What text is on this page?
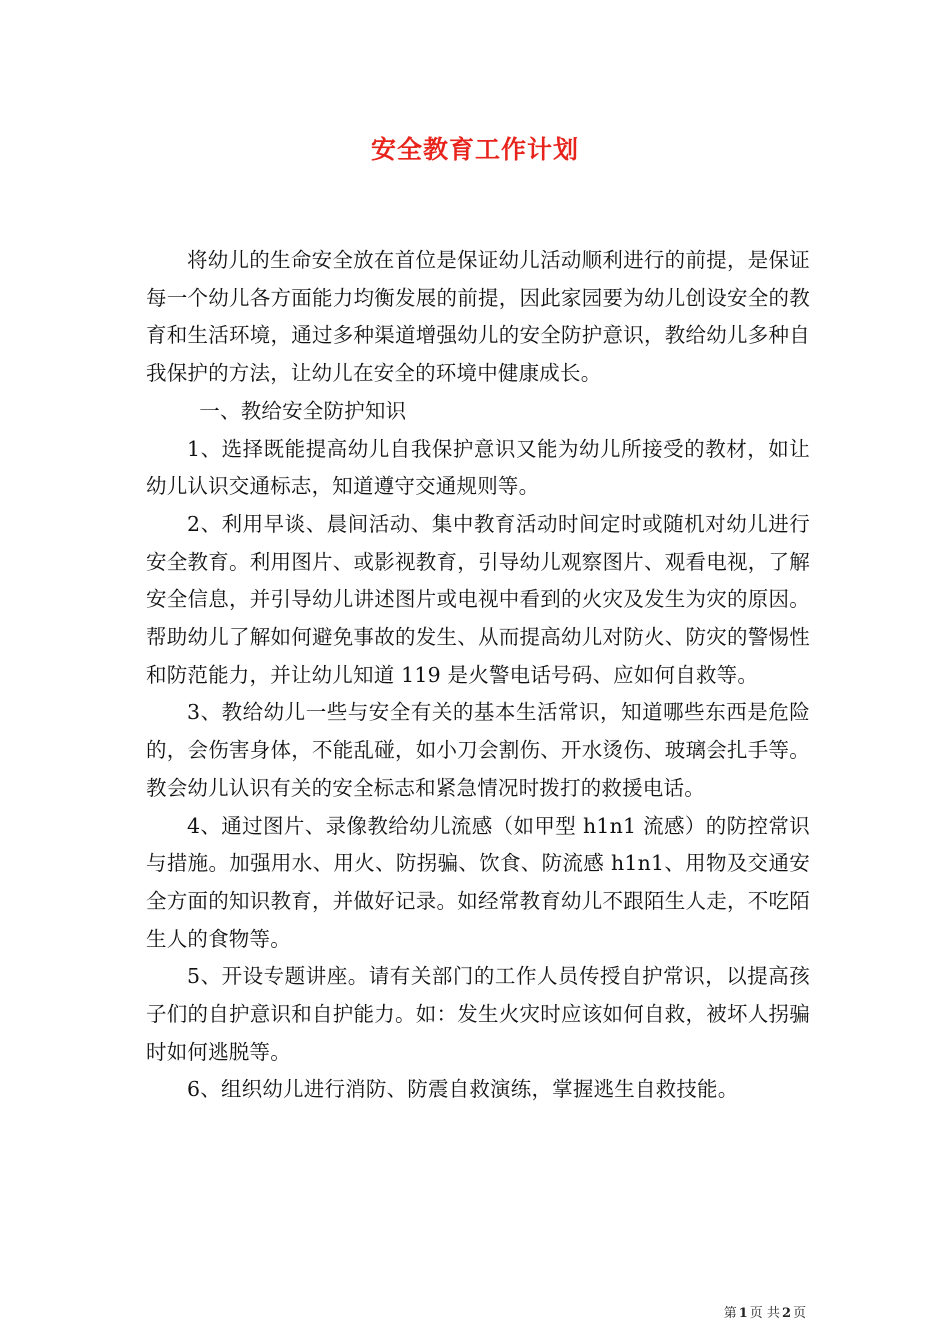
安全教育工作计划

将幼儿的生命安全放在首位是保证幼儿活动顺利进行的前提，是保证每一个幼儿各方面能力均衡发展的前提，因此家园要为幼儿创设安全的教育和生活环境，通过多种渠道增强幼儿的安全防护意识，教给幼儿多种自我保护的方法，让幼儿在安全的环境中健康成长。

一、教给安全防护知识

1、选择既能提高幼儿自我保护意识又能为幼儿所接受的教材，如让幼儿认识交通标志，知道遵守交通规则等。

2、利用早谈、晨间活动、集中教育活动时间定时或随机对幼儿进行安全教育。利用图片、或影视教育，引导幼儿观察图片、观看电视，了解安全信息，并引导幼儿讲述图片或电视中看到的火灾及发生为灾的原因。帮助幼儿了解如何避免事故的发生、从而提高幼儿对防火、防灾的警惕性和防范能力，并让幼儿知道 119 是火警电话号码、应如何自救等。

3、教给幼儿一些与安全有关的基本生活常识，知道哪些东西是危险的，会伤害身体，不能乱碰，如小刀会割伤、开水烫伤、玻璃会扎手等。教会幼儿认识有关的安全标志和紧急情况时拨打的救援电话。

4、通过图片、录像教给幼儿流感（如甲型 h1n1 流感）的防控常识与措施。加强用水、用火、防拐骗、饮食、防流感 h1n1、用物及交通安全方面的知识教育，并做好记录。如经常教育幼儿不跟陌生人走，不吃陌生人的食物等。

5、开设专题讲座。请有关部门的工作人员传授自护常识，以提高孩子们的自护意识和自护能力。如：发生火灾时应该如何自救，被坏人拐骗时如何逃脱等。

6、组织幼儿进行消防、防震自救演练，掌握逃生自救技能。

第 1 页 共 2 页
